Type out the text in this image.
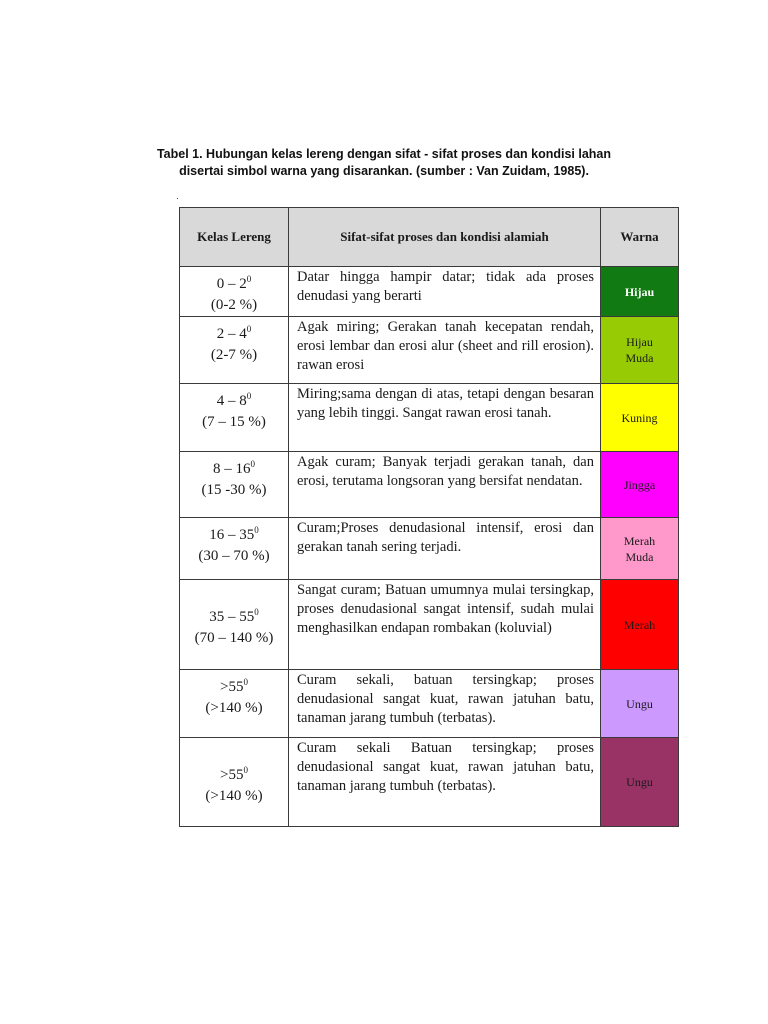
Tabel 1. Hubungan kelas lereng dengan sifat - sifat proses dan kondisi lahan
disertai simbol warna yang disarankan. (sumber : Van Zuidam, 1985).
.
Kelas Lereng	Sifat-sifat proses dan kondisi alamiah	Warna

$0 - 2^0$
(0-2 %)	Datar hingga hampir datar; tidak ada proses denudasi yang berarti	Hijau

$2 - 4^0$
(2-7 %)	Agak miring; Gerakan tanah kecepatan rendah, erosi lembar dan erosi alur (sheet and rill erosion). rawan erosi	Hijau Muda

$4 - 8^0$
(7 – 15 %)	Miring;sama dengan di atas, tetapi dengan besaran yang lebih tinggi. Sangat rawan erosi tanah.	Kuning

$8 - 16^0$
(15 -30 %)	Agak curam; Banyak terjadi gerakan tanah, dan erosi, terutama longsoran yang bersifat nendatan.	Jingga

$16 - 35^0$
(30 – 70 %)	Curam;Proses denudasional intensif, erosi dan gerakan tanah sering terjadi.	Merah Muda

$35 - 55^0$
(70 – 140 %)	Sangat curam; Batuan umumnya mulai tersingkap, proses denudasional sangat intensif, sudah mulai menghasilkan endapan rombakan (koluvial)	Merah

$>55^0$
(>140 %)	Curam sekali, batuan tersingkap; proses denudasional sangat kuat, rawan jatuhan batu, tanaman jarang tumbuh (terbatas).	Ungu

$>55^0$
(>140 %)	Curam sekali Batuan tersingkap; proses denudasional sangat kuat, rawan jatuhan batu, tanaman jarang tumbuh (terbatas).	Ungu
